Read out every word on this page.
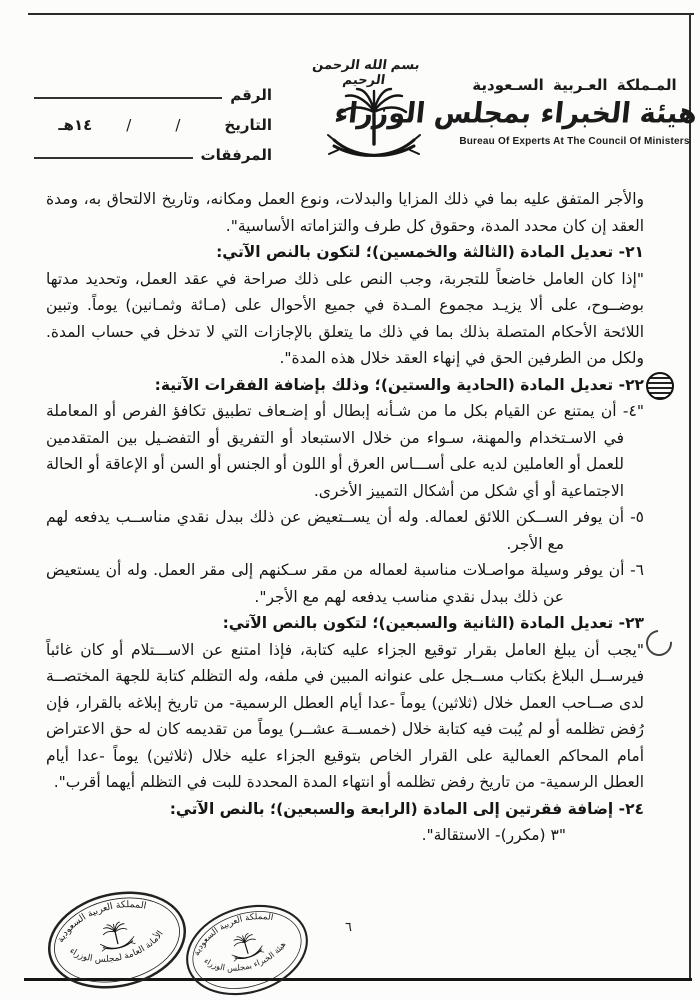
بسم الله الرحمن الرحيم	المـملكة العـربية السـعودية
هيئة الخبراء بمجلس الوزراء
Bureau Of Experts At The Council Of Ministers
الرقم
التاريخ
/
/
١٤هـ
المرفقات

والأجر المتفق عليه بما في ذلك المزايا والبدلات، ونوع العمل ومكانه، وتاريخ الالتحاق به، ومدة العقد إن كان محدد المدة، وحقوق كل طرف والتزاماته الأساسية".

٢١- تعديل المادة (الثالثة والخمسين)؛ لتكون بالنص الآتي:

"إذا كان العامل خاضعاً للتجربة، وجب النص على ذلك صراحة في عقد العمل، وتحديد مدتها بوضــوح، على ألا يزيـد مجموع المـدة في جميع الأحوال على (مـائة وثمـانين) يوماً. وتبين اللائحة الأحكام المتصلة بذلك بما في ذلك ما يتعلق بالإجازات التي لا تدخل في حساب المدة. ولكل من الطرفين الحق في إنهاء العقد خلال هذه المدة".

٢٢- تعديل المادة (الحادية والستين)؛ وذلك بإضافة الفقرات الآتية:

"٤- أن يمتنع عن القيام بكل ما من شـأنه إبطال أو إضـعاف تطبيق تكافؤ الفرص أو المعاملة في الاسـتخدام والمهنة، سـواء من خلال الاستبعاد أو التفريق أو التفضـيل بين المتقدمين للعمل أو العاملين لديه على أســـاس العرق أو اللون أو الجنس أو السن أو الإعاقة أو الحالة الاجتماعية أو أي شكل من أشكال التمييز الأخرى.

٥- أن يوفر الســكن اللائق لعماله. وله أن يســتعيض عن ذلك ببدل نقدي مناســب يدفعه لهم مع الأجر.

٦- أن يوفر وسيلة مواصـلات مناسبة لعماله من مقر سـكنهم إلى مقر العمل. وله أن يستعيض عن ذلك ببدل نقدي مناسب يدفعه لهم مع الأجر".

٢٣- تعديل المادة (الثانية والسبعين)؛ لتكون بالنص الآتي:

"يجب أن يبلغ العامل بقرار توقيع الجزاء عليه كتابة، فإذا امتنع عن الاســـتلام أو كان غائباً فيرســل البلاغ بكتاب مســجل على عنوانه المبين في ملفه، وله التظلم كتابة للجهة المختصــة لدى صــاحب العمل خلال (ثلاثين) يوماً -عدا أيام العطل الرسمية- من تاريخ إبلاغه بالقرار، فإن رُفض تظلمه أو لم يُبت فيه كتابة خلال (خمســة عشــر) يوماً من تقديمه كان له حق الاعتراض أمام المحاكم العمالية على القرار الخاص بتوقيع الجزاء عليه خلال (ثلاثين) يوماً -عدا أيام العطل الرسمية- من تاريخ رفض تظلمه أو انتهاء المدة المحددة للبت في التظلم أيهما أقرب".

٢٤- إضافة فقرتين إلى المادة (الرابعة والسبعين)؛ بالنص الآتي:

"٣ (مكرر)- الاستقالة".

المملكة العربية السعودية
الأمانة العامة لمجلس الوزراء
المملكة العربية السعودية
هيئة الخبراء بمجلس الوزراء
٦
